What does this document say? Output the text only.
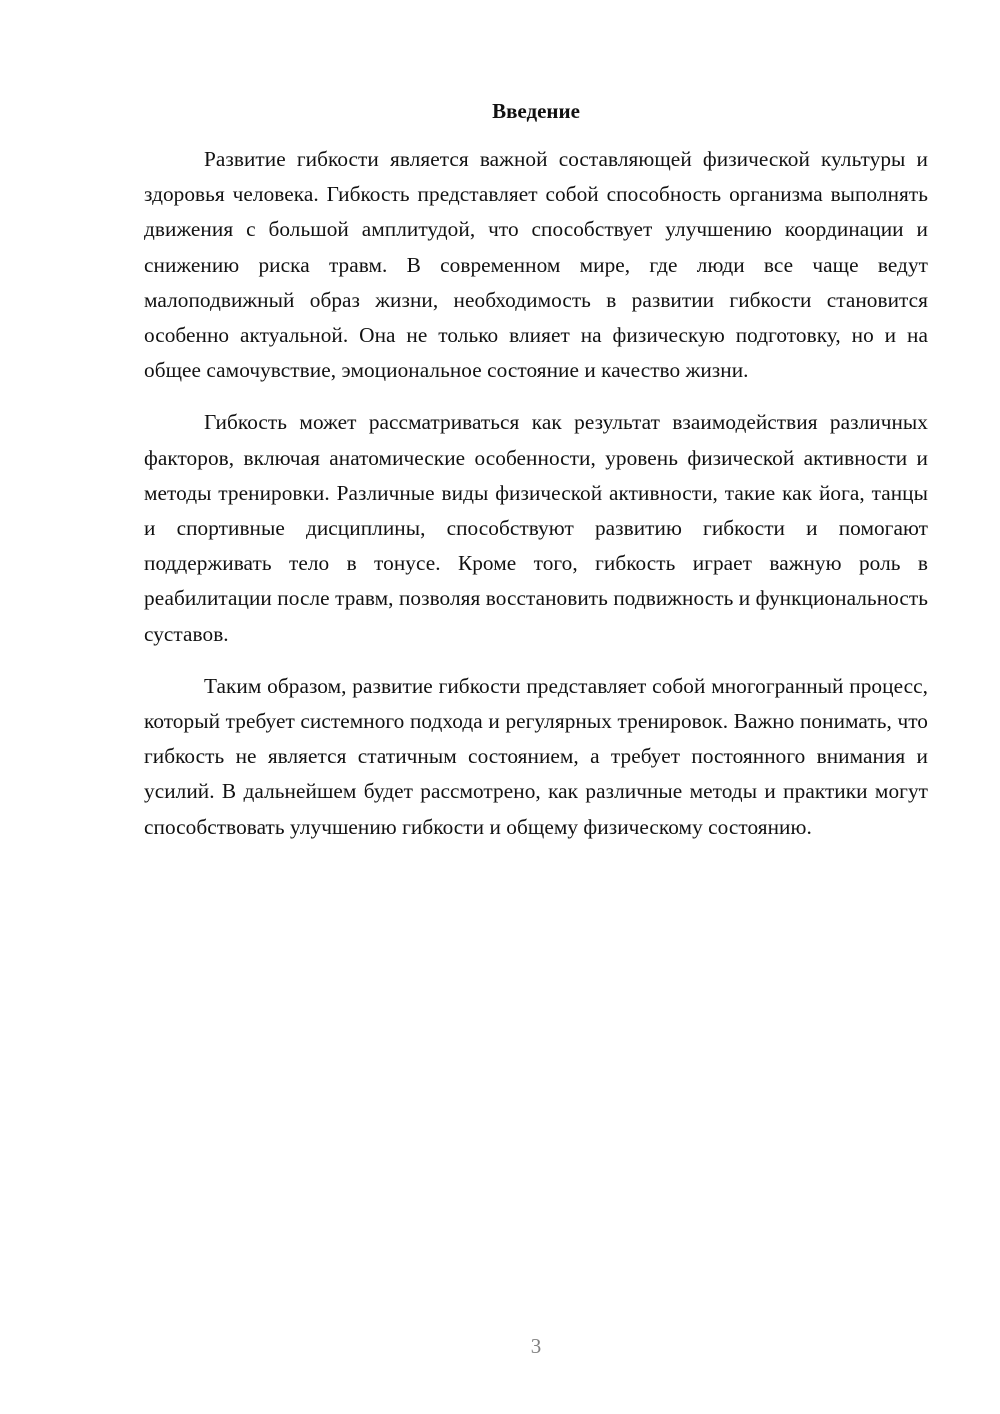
Введение

Развитие гибкости является важной составляющей физической культуры и здоровья человека. Гибкость представляет собой способность организма выполнять движения с большой амплитудой, что способствует улучшению координации и снижению риска травм. В современном мире, где люди все чаще ведут малоподвижный образ жизни, необходимость в развитии гибкости становится особенно актуальной. Она не только влияет на физическую подготовку, но и на общее самочувствие, эмоциональное состояние и качество жизни.

Гибкость может рассматриваться как результат взаимодействия различных факторов, включая анатомические особенности, уровень физической активности и методы тренировки. Различные виды физической активности, такие как йога, танцы и спортивные дисциплины, способствуют развитию гибкости и помогают поддерживать тело в тонусе. Кроме того, гибкость играет важную роль в реабилитации после травм, позволяя восстановить подвижность и функциональность суставов.

Таким образом, развитие гибкости представляет собой многогранный процесс, который требует системного подхода и регулярных тренировок. Важно понимать, что гибкость не является статичным состоянием, а требует постоянного внимания и усилий. В дальнейшем будет рассмотрено, как различные методы и практики могут способствовать улучшению гибкости и общему физическому состоянию.

3
